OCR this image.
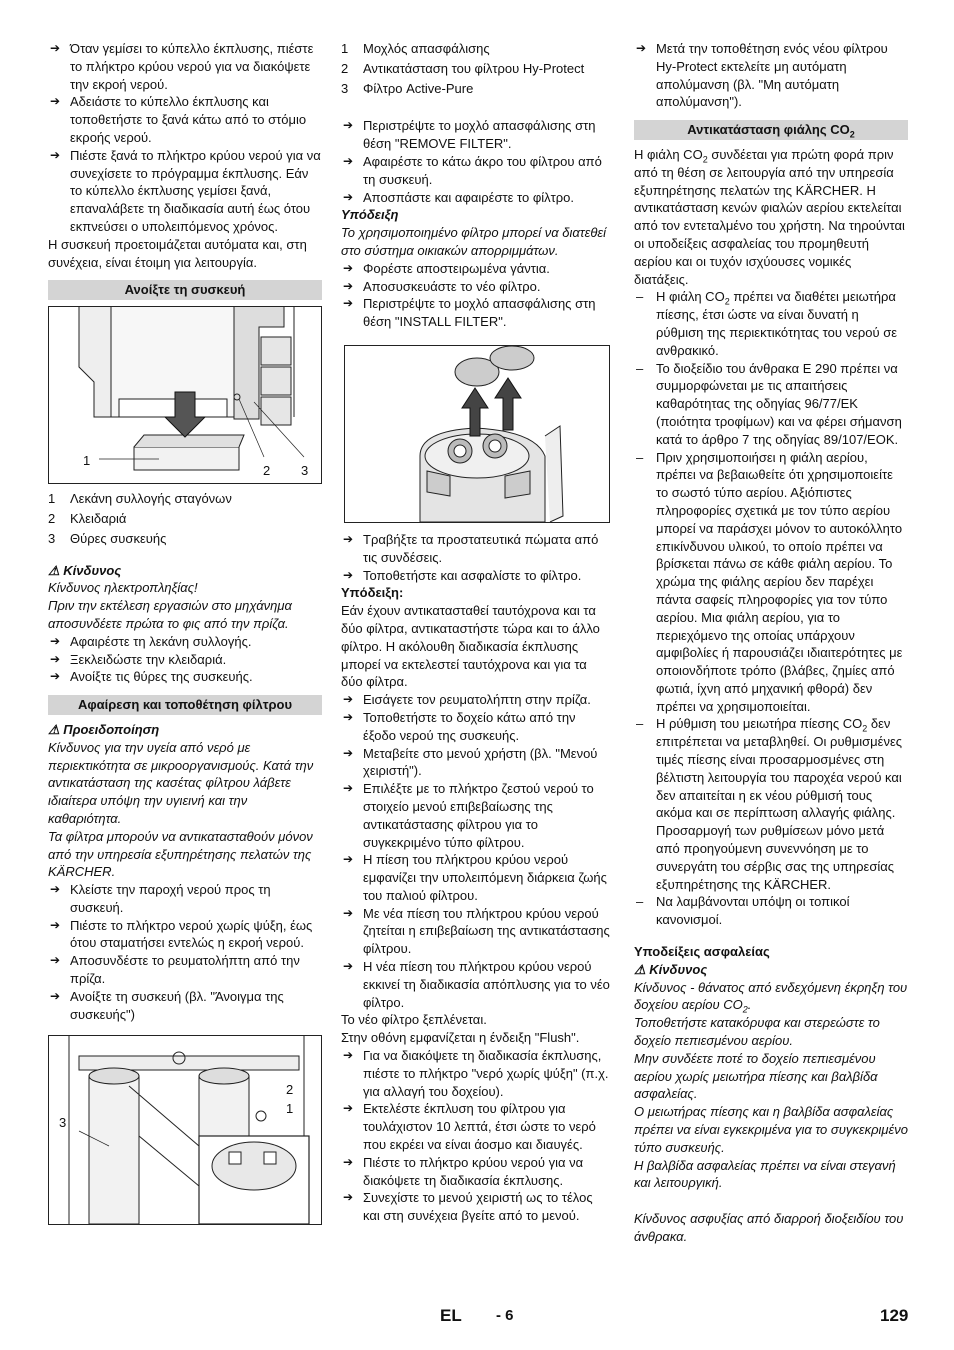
➔ Όταν γεμίσει το κύπελλο έκπλυσης, πιέστε το πλήκτρο κρύου νερού για να διακόψετε την εκροή νερού.

➔ Αδειάστε το κύπελλο έκπλυσης και τοποθετήστε το ξανά κάτω από το στόμιο εκροής νερού.

➔ Πιέστε ξανά το πλήκτρο κρύου νερού για να συνεχίσετε το πρόγραμμα έκπλυσης. Εάν το κύπελλο έκπλυσης γεμίσει ξανά, επαναλάβετε τη διαδικασία αυτή έως ότου εκπνεύσει ο υπολειπόμενος χρόνος.

Η συσκευή προετοιμάζεται αυτόματα και, στη συνέχεια, είναι έτοιμη για λειτουργία.

Ανοίξτε τη συσκευή
1
2 3

1 Λεκάνη συλλογής σταγόνων

2 Κλειδαριά

3 Θύρες συσκευής

⚠ Κίνδυνος

Κίνδυνος ηλεκτροπληξίας!

Πριν την εκτέλεση εργασιών στο μηχάνημα αποσυνδέετε πρώτα το φις από την πρίζα.

➔ Αφαιρέστε τη λεκάνη συλλογής.

➔ Ξεκλειδώστε την κλειδαριά.

➔ Ανοίξτε τις θύρες της συσκευής.

Αφαίρεση και τοποθέτηση φίλτρου

⚠ Προειδοποίηση

Κίνδυνος για την υγεία από νερό με περιεκτικότητα σε μικροοργανισμούς. Κατά την αντικατάσταση της κασέτας φίλτρου λάβετε ιδιαίτερα υπόψη την υγιεινή και την καθαριότητα.

Τα φίλτρα μπορούν να αντικατασταθούν μόνον από την υπηρεσία εξυπηρέτησης πελατών της KÄRCHER.

➔ Κλείστε την παροχή νερού προς τη συσκευή.

➔ Πιέστε το πλήκτρο νερού χωρίς ψύξη, έως ότου σταματήσει εντελώς η εκροή νερού.

➔ Αποσυνδέστε το ρευματολήπτη από την πρίζα.

➔ Ανοίξτε τη συσκευή (βλ. "Άνοιγμα της συσκευής")

2
1
3

1 Μοχλός απασφάλισης

2 Αντικατάσταση του φίλτρου Hy-Protect

3 Φίλτρο Active-Pure

➔ Περιστρέψτε το μοχλό απασφάλισης στη θέση "REMOVE FILTER".

➔ Αφαιρέστε το κάτω άκρο του φίλτρου από τη συσκευή.

➔ Αποσπάστε και αφαιρέστε το φίλτρο.

Υπόδειξη

Το χρησιμοποιημένο φίλτρο μπορεί να διατεθεί στο σύστημα οικιακών απορριμμάτων.

➔ Φορέστε αποστειρωμένα γάντια.

➔ Αποσυσκευάστε το νέο φίλτρο.

➔ Περιστρέψτε το μοχλό απασφάλισης στη θέση "INSTALL FILTER".

➔ Τραβήξτε τα προστατευτικά πώματα από τις συνδέσεις.

➔ Τοποθετήστε και ασφαλίστε το φίλτρο.

Υπόδειξη:

Εάν έχουν αντικατασταθεί ταυτόχρονα και τα δύο φίλτρα, αντικαταστήστε τώρα και το άλλο φίλτρο. Η ακόλουθη διαδικασία έκπλυσης μπορεί να εκτελεστεί ταυτόχρονα και για τα δύο φίλτρα.

➔ Εισάγετε τον ρευματολήπτη στην πρίζα.

➔ Τοποθετήστε το δοχείο κάτω από την έξοδο νερού της συσκευής.

➔ Μεταβείτε στο μενού χρήστη (βλ. "Μενού χειριστή").

➔ Επιλέξτε με το πλήκτρο ζεστού νερού το στοιχείο μενού επιβεβαίωσης της αντικατάστασης φίλτρου για το συγκεκριμένο τύπο φίλτρου.

➔ Η πίεση του πλήκτρου κρύου νερού εμφανίζει την υπολειπόμενη διάρκεια ζωής του παλιού φίλτρου.

➔ Με νέα πίεση του πλήκτρου κρύου νερού ζητείται η επιβεβαίωση της αντικατάστασης φίλτρου.

➔ Η νέα πίεση του πλήκτρου κρύου νερού εκκινεί τη διαδικασία απόπλυσης για το νέο φίλτρο.

Το νέο φίλτρο ξεπλένεται.

Στην οθόνη εμφανίζεται η ένδειξη "Flush".

➔ Για να διακόψετε τη διαδικασία έκπλυσης, πιέστε το πλήκτρο "νερό χωρίς ψύξη" (π.χ. για αλλαγή του δοχείου).

➔ Εκτελέστε έκπλυση του φίλτρου για τουλάχιστον 10 λεπτά, έτσι ώστε το νερό που εκρέει να είναι άοσμο και διαυγές.

➔ Πιέστε το πλήκτρο κρύου νερού για να διακόψετε τη διαδικασία έκπλυσης.

➔ Συνεχίστε το μενού χειριστή ως το τέλος και στη συνέχεια βγείτε από το μενού.

➔ Μετά την τοποθέτηση ενός νέου φίλτρου Hy-Protect εκτελείτε μη αυτόματη απολύμανση (βλ. "Μη αυτόματη απολύμανση").

Αντικατάσταση φιάλης $CO_2$

Η φιάλη $CO_2$ συνδέεται για πρώτη φορά πριν από τη θέση σε λειτουργία από την υπηρεσία εξυπηρέτησης πελατών της KÄRCHER. Η αντικατάσταση κενών φιαλών αερίου εκτελείται από τον εντεταλμένο του χρήστη. Να τηρούνται οι υποδείξεις ασφαλείας του προμηθευτή αερίου και οι τυχόν ισχύουσες νομικές διατάξεις.

– Η φιάλη $CO_2$ πρέπει να διαθέτει μειωτήρα πίεσης, έτσι ώστε να είναι δυνατή η ρύθμιση της περιεκτικότητας του νερού σε ανθρακικό.

– Το διοξείδιο του άνθρακα E 290 πρέπει να συμμορφώνεται με τις απαιτήσεις καθαρότητας της οδηγίας 96/77/ΕΚ (ποιότητα τροφίμων) και να φέρει σήμανση κατά το άρθρο 7 της οδηγίας 89/107/ΕΟΚ.

– Πριν χρησιμοποιήσει η φιάλη αερίου, πρέπει να βεβαιωθείτε ότι χρησιμοποιείτε το σωστό τύπο αερίου. Αξιόπιστες πληροφορίες σχετικά με τον τύπο αερίου μπορεί να παράσχει μόνον το αυτοκόλλητο επικίνδυνου υλικού, το οποίο πρέπει να βρίσκεται πάνω σε κάθε φιάλη αερίου. Το χρώμα της φιάλης αερίου δεν παρέχει πάντα σαφείς πληροφορίες για τον τύπο αερίου. Μια φιάλη αερίου, για το περιεχόμενο της οποίας υπάρχουν αμφιβολίες ή παρουσιάζει ιδιαιτερότητες με οποιονδήποτε τρόπο (βλάβες, ζημίες από φωτιά, ίχνη από μηχανική φθορά) δεν πρέπει να χρησιμοποιείται.

– Η ρύθμιση του μειωτήρα πίεσης $CO_2$ δεν επιτρέπεται να μεταβληθεί. Οι ρυθμισμένες τιμές πίεσης είναι προσαρμοσμένες στη βέλτιστη λειτουργία του παροχέα νερού και δεν απαιτείται η εκ νέου ρύθμισή τους ακόμα και σε περίπτωση αλλαγής φιάλης. Προσαρμογή των ρυθμίσεων μόνο μετά από προηγούμενη συνεννόηση με το συνεργάτη του σέρβις σας της υπηρεσίας εξυπηρέτησης της KÄRCHER.

– Να λαμβάνονται υπόψη οι τοπικοί κανονισμοί.

Υποδείξεις ασφαλείας

⚠ Κίνδυνος

Κίνδυνος - θάνατος από ενδεχόμενη έκρηξη του δοχείου αερίου $CO_2$.

Τοποθετήστε κατακόρυφα και στερεώστε το δοχείο πεπιεσμένου αερίου.

Μην συνδέετε ποτέ το δοχείο πεπιεσμένου αερίου χωρίς μειωτήρα πίεσης και βαλβίδα ασφαλείας.

Ο μειωτήρας πίεσης και η βαλβίδα ασφαλείας πρέπει να είναι εγκεκριμένα για το συγκεκριμένο τύπο συσκευής.

Η βαλβίδα ασφαλείας πρέπει να είναι στεγανή και λειτουργική.

Κίνδυνος ασφυξίας από διαρροή διοξειδίου του άνθρακα.

EL - 6	129
